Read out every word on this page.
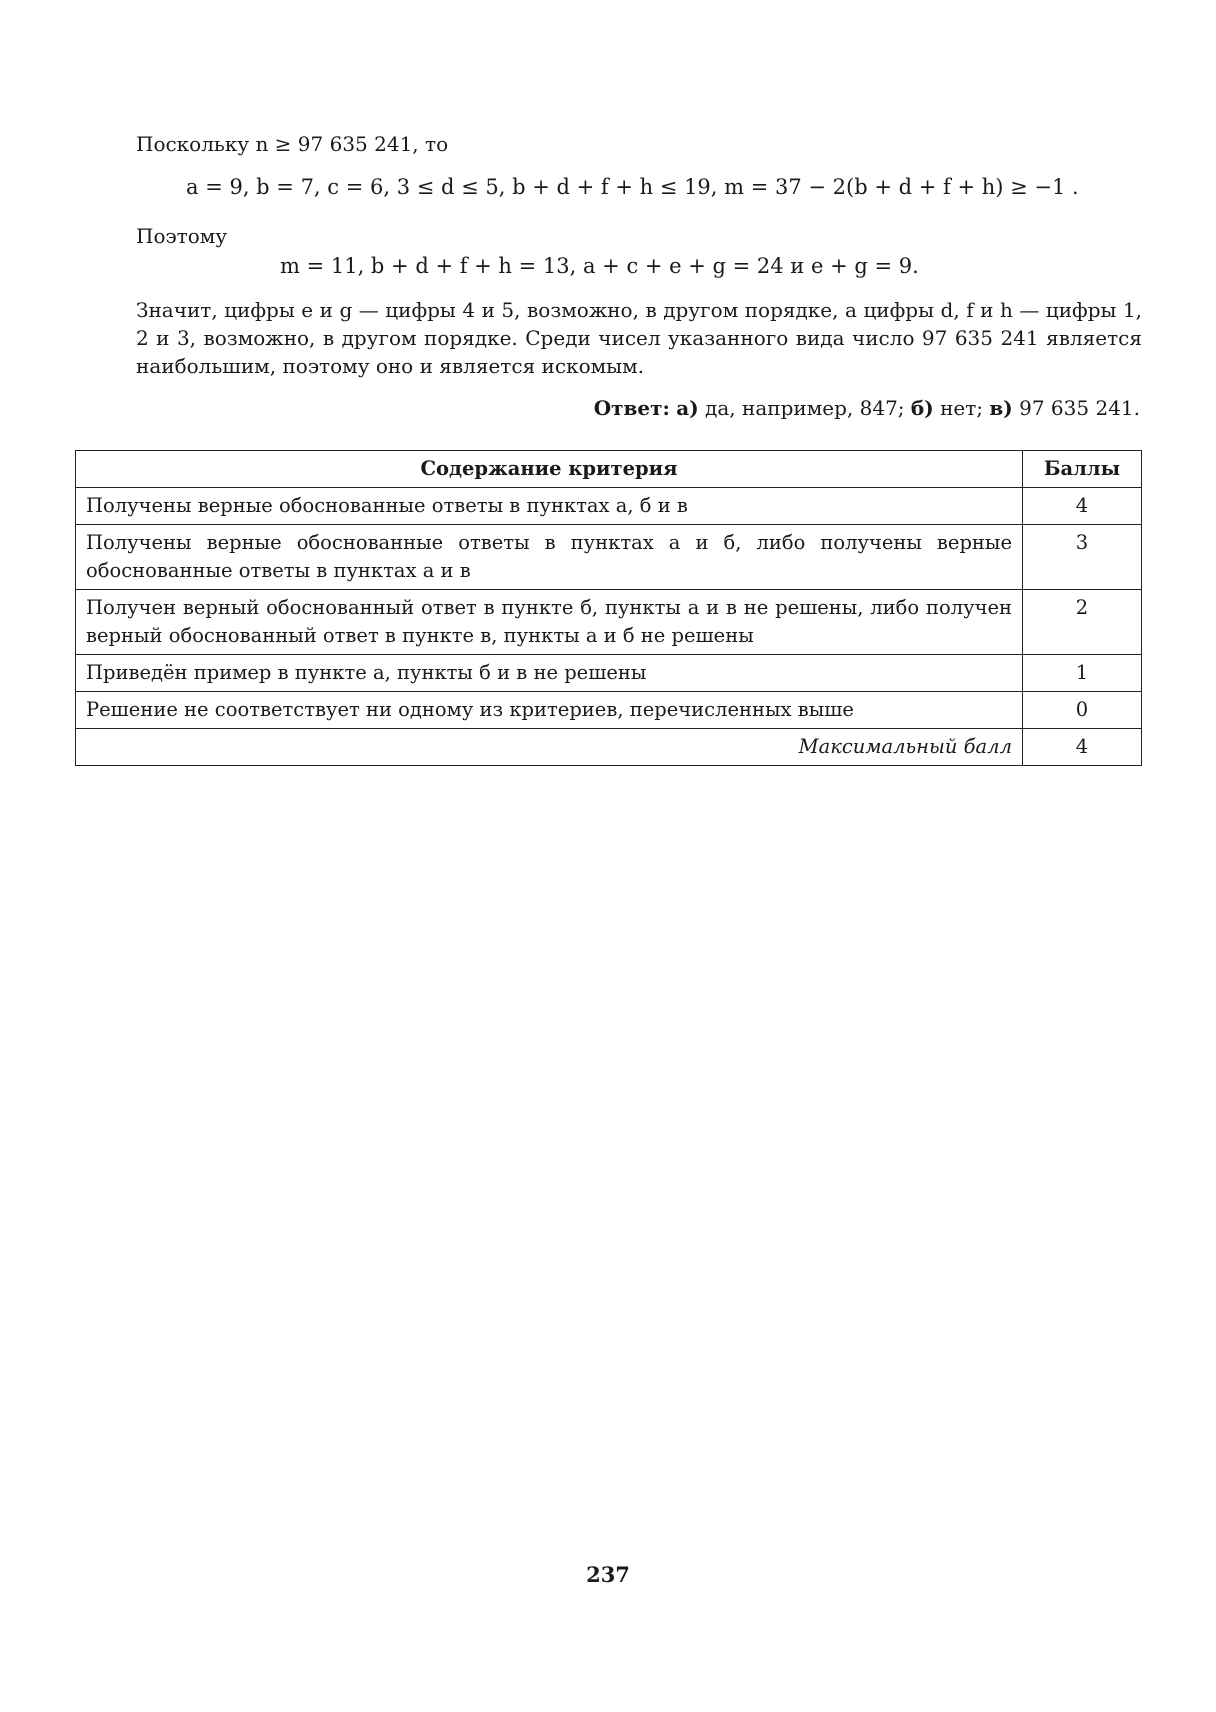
Поскольку n ≥ 97 635 241, то
a = 9, b = 7, c = 6, 3 ≤ d ≤ 5, b + d + f + h ≤ 19, m = 37 − 2(b + d + f + h) ≥ −1 .
Поэтому
m = 11, b + d + f + h = 13, a + c + e + g = 24 и e + g = 9.
Значит, цифры e и g — цифры 4 и 5, возможно, в другом порядке, а цифры d, f и h — цифры 1, 2 и 3, возможно, в другом порядке. Среди чисел указанного вида число 97 635 241 является наибольшим, поэтому оно и является искомым.
Ответ: а) да, например, 847; б) нет; в) 97 635 241.
Содержание критерия	Баллы
Получены верные обоснованные ответы в пунктах а, б и в	4
Получены верные обоснованные ответы в пунктах а и б, либо получены верные обоснованные ответы в пунктах а и в	3
Получен верный обоснованный ответ в пункте б, пункты а и в не решены, либо получен верный обоснованный ответ в пункте в, пункты а и б не решены	2
Приведён пример в пункте а, пункты б и в не решены	1
Решение не соответствует ни одному из критериев, перечисленных выше	0
Максимальный балл	4
237
